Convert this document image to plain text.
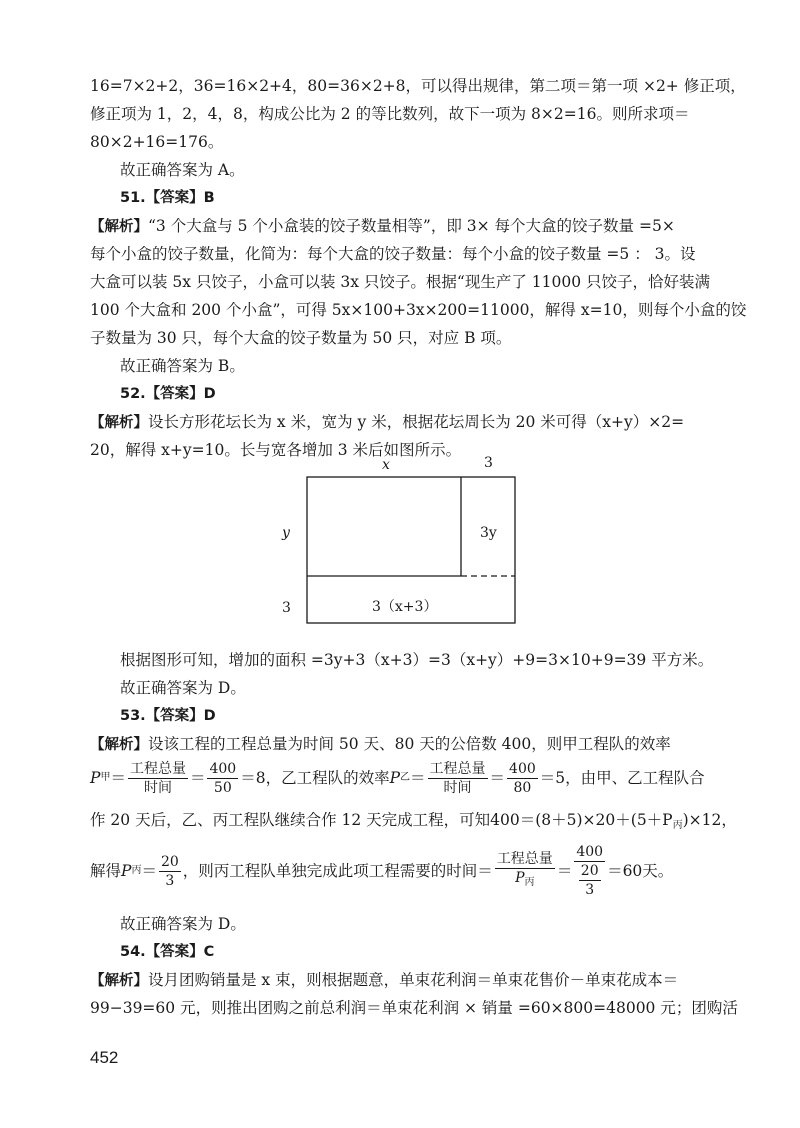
16=7×2+2，36=16×2+4，80=36×2+8，可以得出规律，第二项＝第一项 ×2+ 修正项，
修正项为 1，2，4，8，构成公比为 2 的等比数列，故下一项为 8×2=16。则所求项＝
80×2+16=176。
故正确答案为 A。
51.【答案】B
【解析】“3 个大盒与 5 个小盒装的饺子数量相等”，即 3× 每个大盒的饺子数量 =5×
每个小盒的饺子数量，化简为：每个大盒的饺子数量：每个小盒的饺子数量 =5 ： 3。设
大盒可以装 5x 只饺子，小盒可以装 3x 只饺子。根据“现生产了 11000 只饺子，恰好装满
100 个大盒和 200 个小盒”，可得 5x×100+3x×200=11000，解得 x=10，则每个小盒的饺
子数量为 30 只，每个大盒的饺子数量为 50 只，对应 B 项。
故正确答案为 B。
52.【答案】D
【解析】设长方形花坛长为 x 米，宽为 y 米，根据花坛周长为 20 米可得（x+y）×2=
20，解得 x+y=10。长与宽各增加 3 米后如图所示。
x	3
y
3
3y
3（x+3）
根据图形可知，增加的面积 =3y+3（x+3）=3（x+y）+9=3×10+9=39 平方米。
故正确答案为 D。
53.【答案】D
【解析】设该工程的工程总量为时间 50 天、80 天的公倍数 400，则甲工程队的效率
P 甲 ＝ $\frac{\text{工程总量}}{\text{时间}} = \frac{400}{50} =8$，乙工程队的效率 P 乙 ＝ $\frac{\text{工程总量}}{\text{时间}} = \frac{400}{80} =5$，由甲、乙工程队合
作 20 天后，乙、丙工程队继续合作 12 天完成工程，可知$400=(8+5)\times 20+(5+P_丙)\times 12$，
解得 P 丙 ＝ $\frac{20}{3}$ ，则丙工程队单独完成此项工程需要的时间＝ $\frac{\text{工程总量}}{P_丙} = \frac{400}{\frac{20}{3}} =60$天。
故正确答案为 D。
54.【答案】C
【解析】设月团购销量是 x 束，则根据题意，单束花利润＝单束花售价－单束花成本＝
99−39=60 元，则推出团购之前总利润＝单束花利润 × 销量 =60×800=48000 元；团购活
452
